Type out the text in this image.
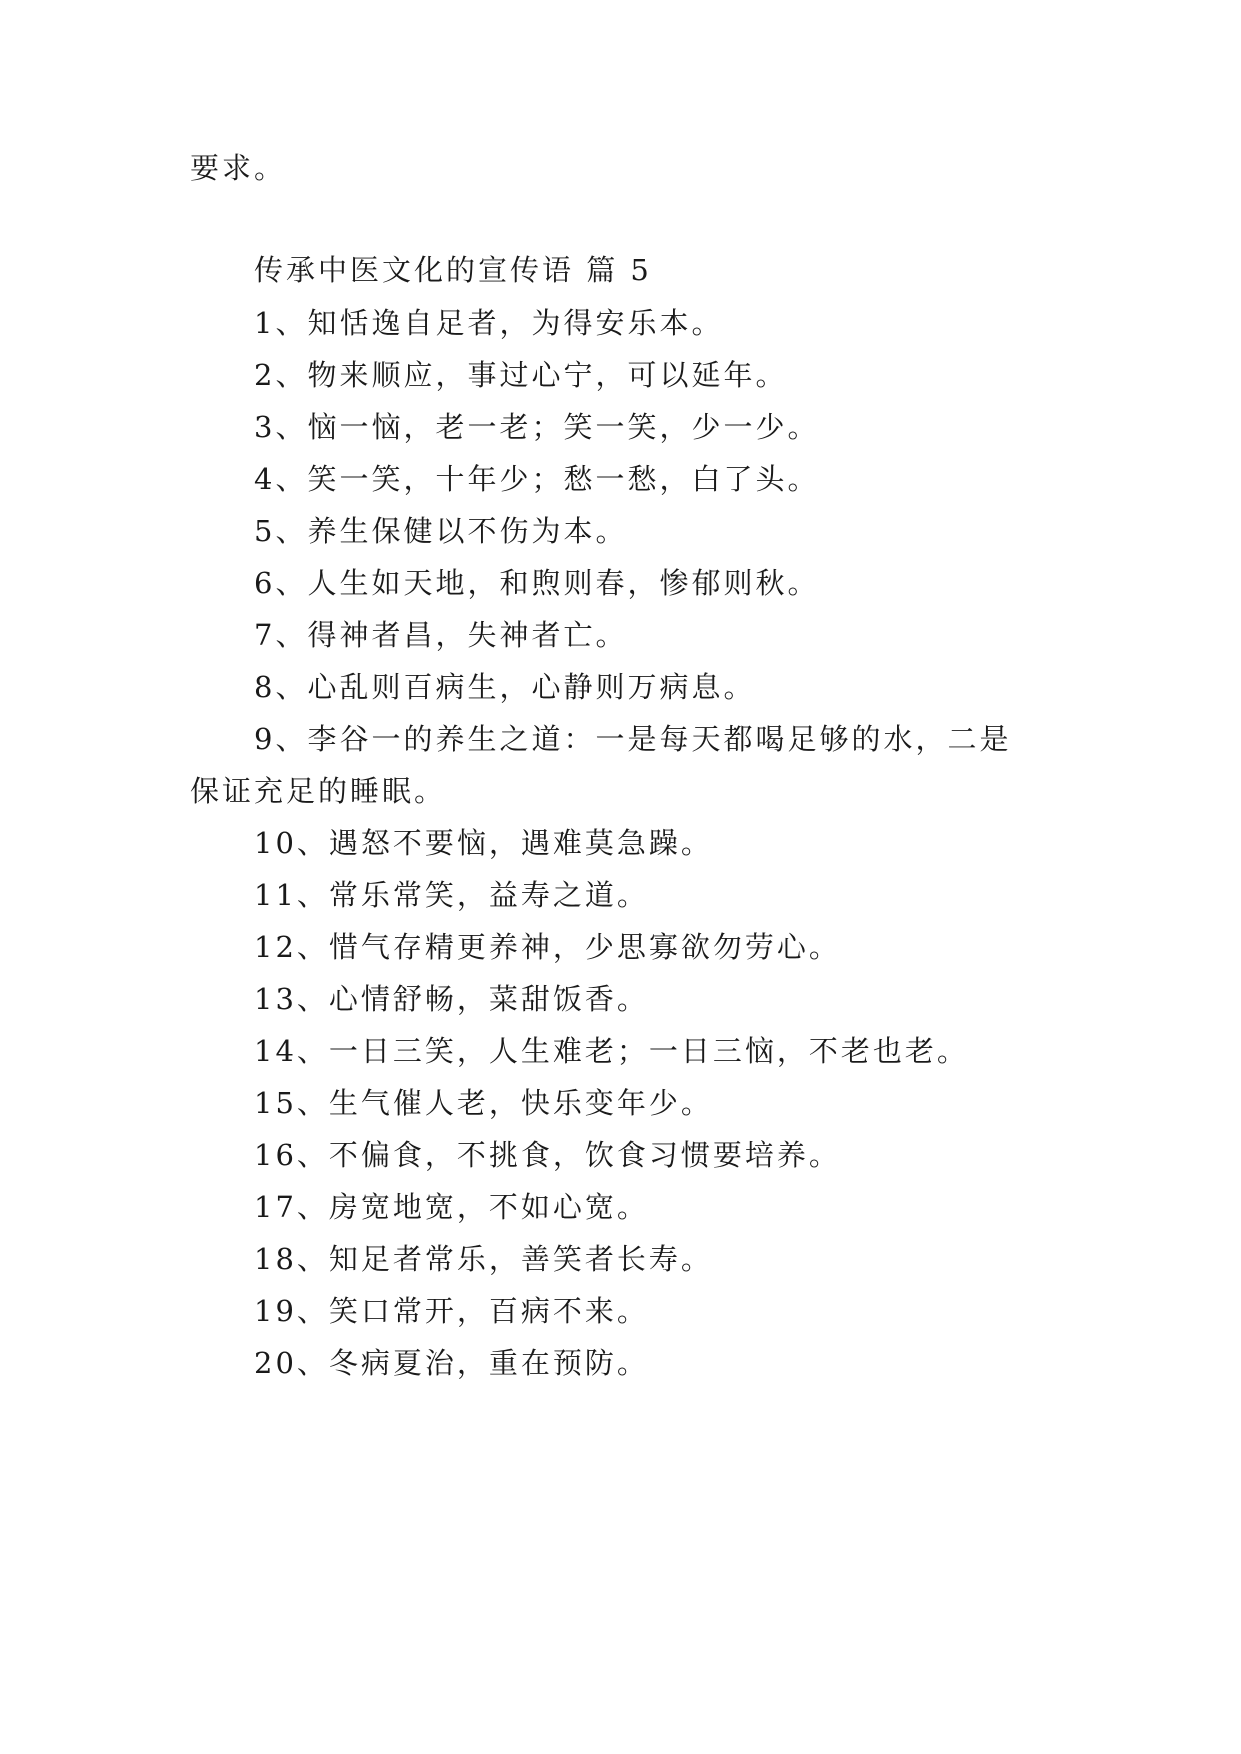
要求。
传承中医文化的宣传语 篇 5
1、知恬逸自足者，为得安乐本。
2、物来顺应，事过心宁，可以延年。
3、恼一恼，老一老；笑一笑，少一少。
4、笑一笑，十年少；愁一愁，白了头。
5、养生保健以不伤为本。
6、人生如天地，和煦则春，惨郁则秋。
7、得神者昌，失神者亡。
8、心乱则百病生，心静则万病息。
9、李谷一的养生之道：一是每天都喝足够的水，二是
保证充足的睡眠。
10、遇怒不要恼，遇难莫急躁。
11、常乐常笑，益寿之道。
12、惜气存精更养神，少思寡欲勿劳心。
13、心情舒畅，菜甜饭香。
14、一日三笑，人生难老；一日三恼，不老也老。
15、生气催人老，快乐变年少。
16、不偏食，不挑食，饮食习惯要培养。
17、房宽地宽，不如心宽。
18、知足者常乐，善笑者长寿。
19、笑口常开，百病不来。
20、冬病夏治，重在预防。
